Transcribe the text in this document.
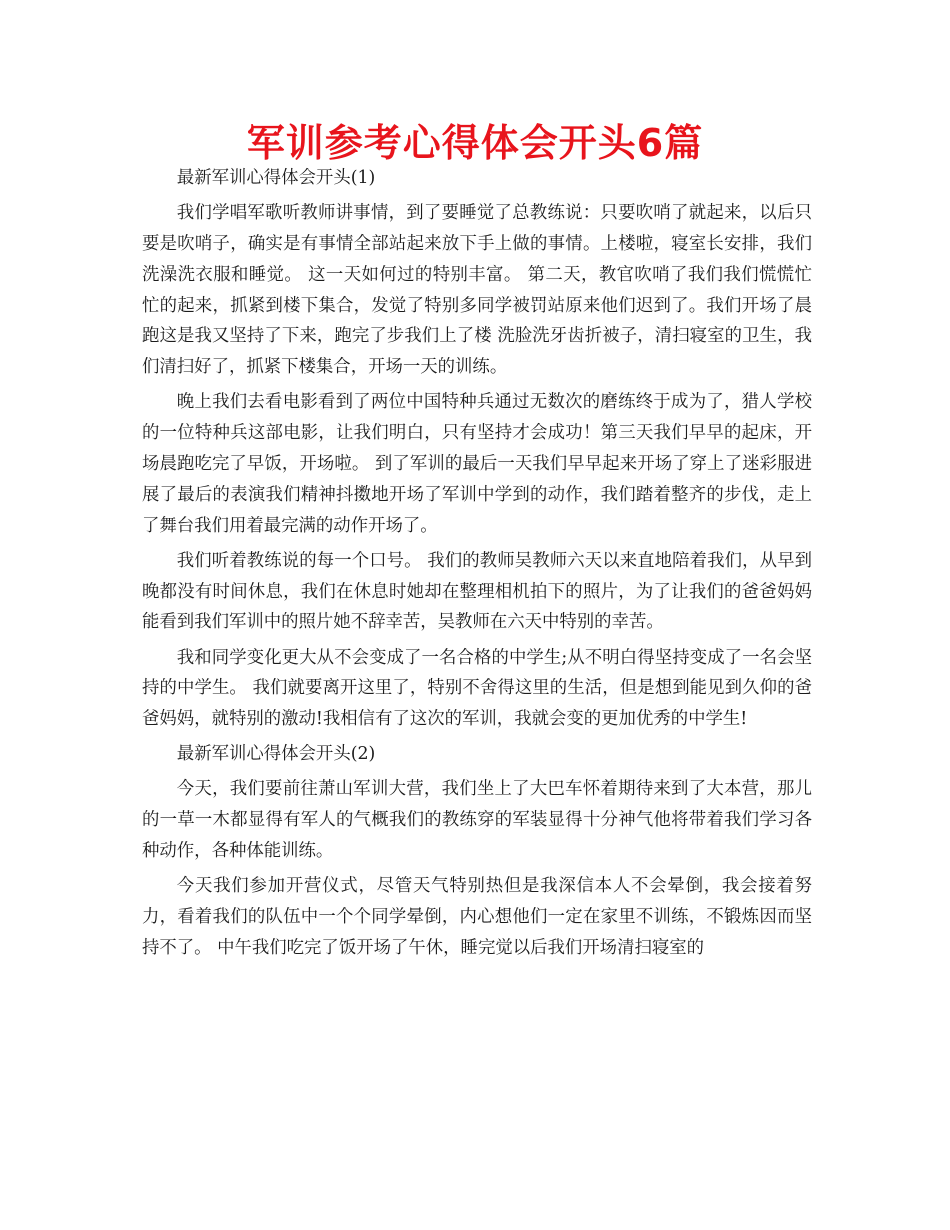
军训参考心得体会开头6篇

最新军训心得体会开头(1)

我们学唱军歌听教师讲事情，到了要睡觉了总教练说：只要吹哨了就起来，以后只要是吹哨子，确实是有事情全部站起来放下手上做的事情。上楼啦，寝室长安排，我们洗澡洗衣服和睡觉。 这一天如何过的特别丰富。 第二天，教官吹哨了我们我们慌慌忙忙的起来，抓紧到楼下集合，发觉了特别多同学被罚站原来他们迟到了。我们开场了晨跑这是我又坚持了下来，跑完了步我们上了楼 洗脸洗牙齿折被子，清扫寝室的卫生，我们清扫好了，抓紧下楼集合，开场一天的训练。

晚上我们去看电影看到了两位中国特种兵通过无数次的磨练终于成为了，猎人学校的一位特种兵这部电影，让我们明白，只有坚持才会成功！第三天我们早早的起床，开场晨跑吃完了早饭，开场啦。 到了军训的最后一天我们早早起来开场了穿上了迷彩服进展了最后的表演我们精神抖擞地开场了军训中学到的动作，我们踏着整齐的步伐，走上了舞台我们用着最完满的动作开场了。

我们听着教练说的每一个口号。 我们的教师吴教师六天以来直地陪着我们，从早到晚都没有时间休息，我们在休息时她却在整理相机拍下的照片，为了让我们的爸爸妈妈能看到我们军训中的照片她不辞幸苦，吴教师在六天中特别的幸苦。

我和同学变化更大从不会变成了一名合格的中学生;从不明白得坚持变成了一名会坚持的中学生。 我们就要离开这里了，特别不舍得这里的生活，但是想到能见到久仰的爸爸妈妈，就特别的激动!我相信有了这次的军训，我就会变的更加优秀的中学生!

最新军训心得体会开头(2)

今天，我们要前往萧山军训大营，我们坐上了大巴车怀着期待来到了大本营，那儿的一草一木都显得有军人的气概我们的教练穿的军装显得十分神气他将带着我们学习各种动作，各种体能训练。

今天我们参加开营仪式，尽管天气特别热但是我深信本人不会晕倒，我会接着努力，看着我们的队伍中一个个同学晕倒，内心想他们一定在家里不训练，不锻炼因而坚持不了。 中午我们吃完了饭开场了午休，睡完觉以后我们开场清扫寝室的
